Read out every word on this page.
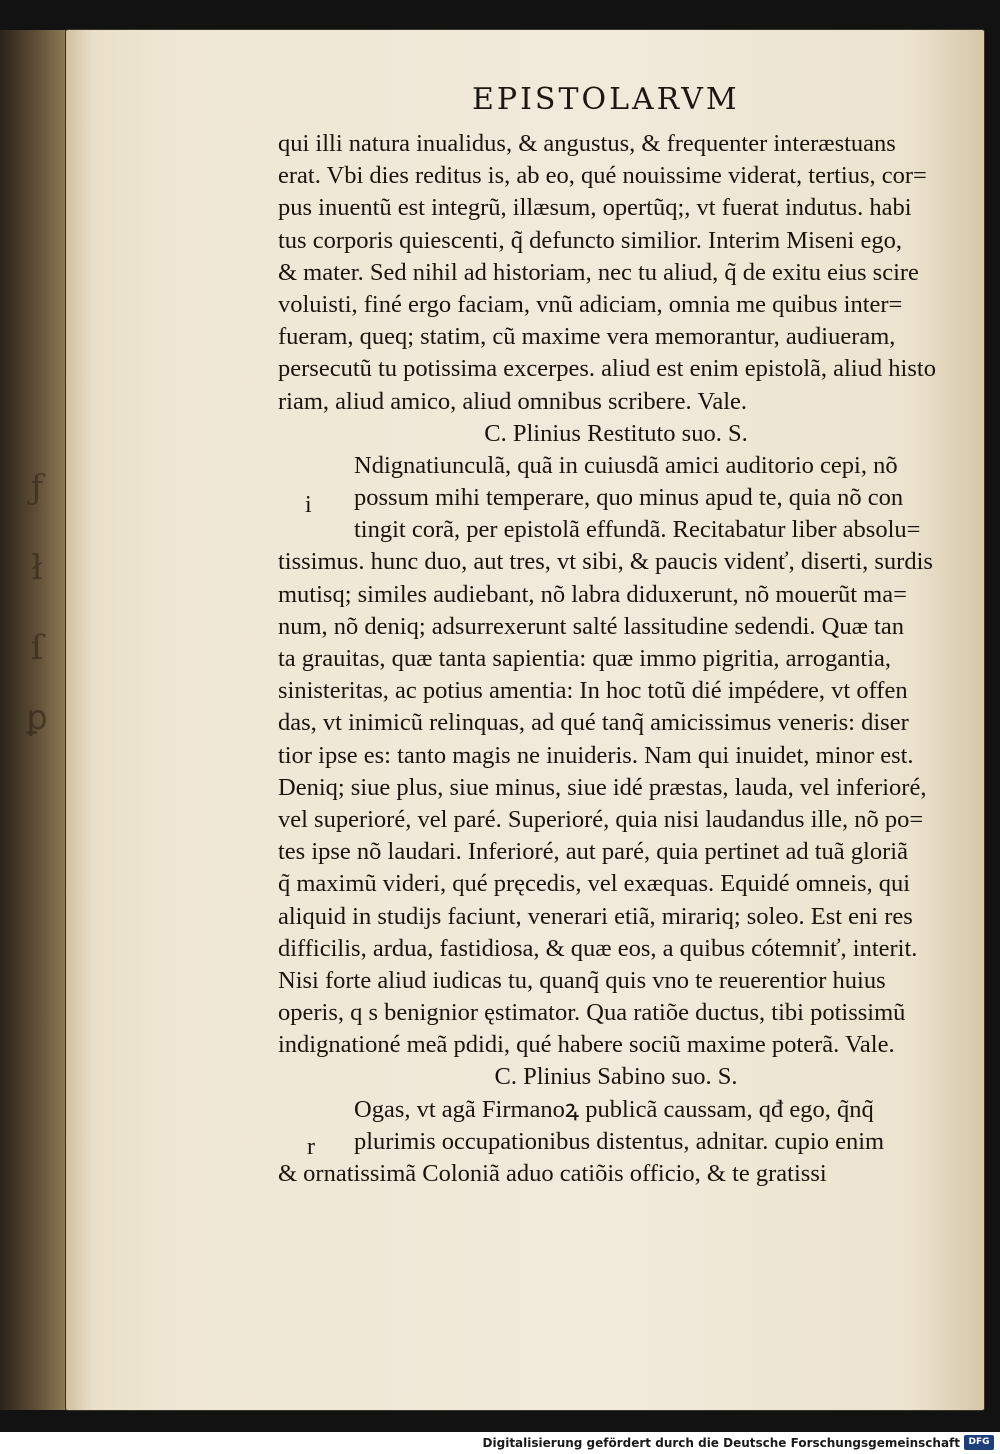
ƒ
ł
ſ
ꝑ
EPISTOLARVM
qui illi natura inualidus, & angustus, & frequenter interæstuans
erat. Vbi dies reditus is, ab eo, qué nouissime viderat, tertius, cor=
pus inuentũ est integrũ, illæsum, opertũq;, vt fuerat indutus. habi
tus corporis quiescenti, q̃ defuncto similior. Interim Miseni ego,
& mater. Sed nihil ad historiam, nec tu aliud, q̃ de exitu eius scire
voluisti, finé ergo faciam, vnũ adiciam, omnia me quibus inter=
fueram, queq; statim, cũ maxime vera memorantur, audiueram,
persecutũ tu potissima excerpes. aliud est enim epistolã, aliud histo
riam, aliud amico, aliud omnibus scribere. Vale.
C. Plinius Restituto suo. S.
Ndignatiunculã, quã in cuiusdã amici auditorio cepi, nõ
possum mihi temperare, quo minus apud te, quia nõ con
tingit corã, per epistolã effundã. Recitabatur liber absolu=
tissimus. hunc duo, aut tres, vt sibi, & paucis videnť, diserti, surdis
mutisq; similes audiebant, nõ labra diduxerunt, nõ mouerũt ma=
num, nõ deniq; adsurrexerunt salté lassitudine sedendi. Quæ tan
ta grauitas, quæ tanta sapientia: quæ immo pigritia, arrogantia,
sinisteritas, ac potius amentia: In hoc totũ dié impédere, vt offen
das, vt inimicũ relinquas, ad qué tanq̃ amicissimus veneris: diser
tior ipse es: tanto magis ne inuideris. Nam qui inuidet, minor est.
Deniq; siue plus, siue minus, siue idé præstas, lauda, vel inferioré,
vel superioré, vel paré. Superioré, quia nisi laudandus ille, nõ po=
tes ipse nõ laudari. Inferioré, aut paré, quia pertinet ad tuã gloriã
q̃ maximũ videri, qué pręcedis, vel exæquas. Equidé omneis, qui
aliquid in studijs faciunt, venerari etiã, mirariq; soleo. Est eni res
difficilis, ardua, fastidiosa, & quæ eos, a quibus cótemniť, interit.
Nisi forte aliud iudicas tu, quanq̃ quis vno te reuerentior huius
operis, q s benignior ęstimator. Qua ratiõe ductus, tibi potissimũ
indignationé meã pdidi, qué habere sociũ maxime poterã. Vale.
C. Plinius Sabino suo. S.
Ogas, vt agã Firmanoꝝ publicã caussam, qđ ego, q̃nq̃
plurimis occupationibus distentus, adnitar. cupio enim
& ornatissimã Coloniã aduo catiõis officio, & te gratissi
i
r
Digitalisierung gefördert durch die Deutsche Forschungsgemeinschaft DFG
